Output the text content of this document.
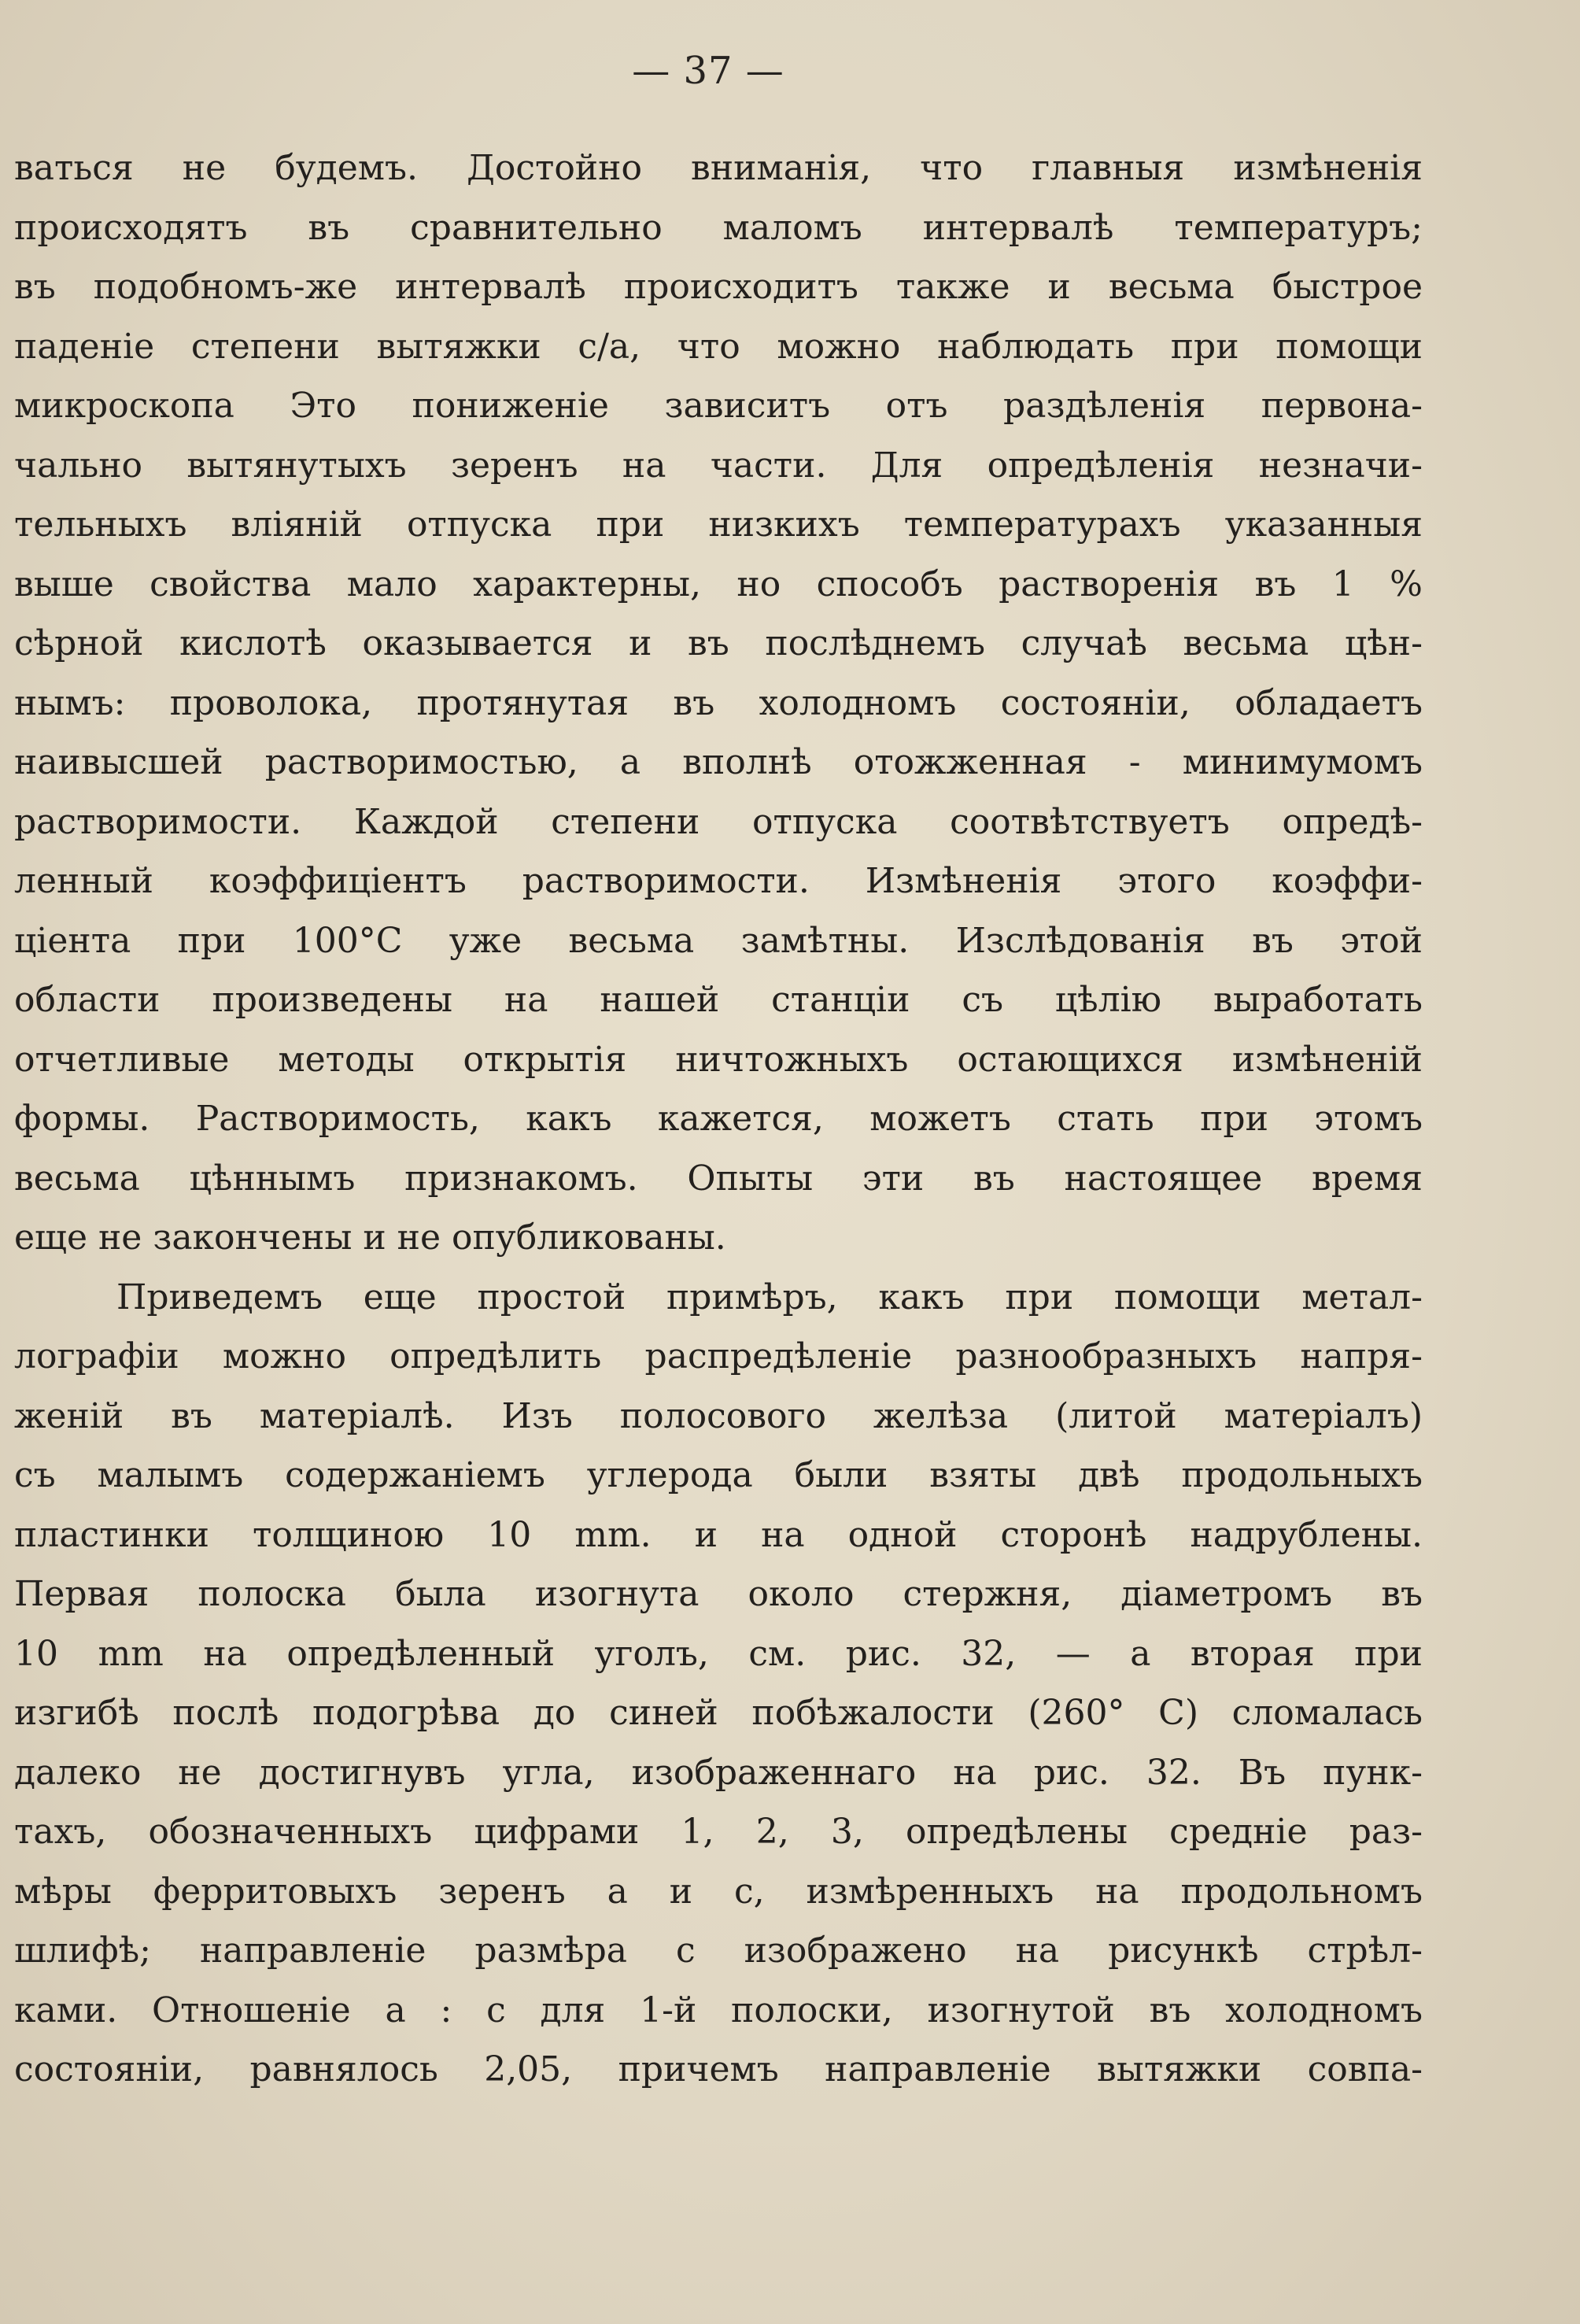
— 37 —
ваться не будемъ. Достойно вниманія, что главныя измѣненія
происходятъ въ сравнительно маломъ интервалѣ температуръ;
въ подобномъ-же интервалѣ происходитъ также и весьма быстрое
паденіе степени вытяжки c/a, что можно наблюдать при помощи
микроскопа Это пониженіе зависитъ отъ раздѣленія первона-
чально вытянутыхъ зеренъ на части. Для опредѣленія незначи-
тельныхъ вліяній отпуска при низкихъ температурахъ указанныя
выше свойства мало характерны, но способъ растворенія въ 1 %
сѣрной кислотѣ оказывается и въ послѣднемъ случаѣ весьма цѣн-
нымъ: проволока, протянутая въ холодномъ состояніи, обладаетъ
наивысшей растворимостью, а вполнѣ отожженная - минимумомъ
растворимости. Каждой степени отпуска соотвѣтствуетъ опредѣ-
ленный коэффиціентъ растворимости. Измѣненія этого коэффи-
ціента при 100°C уже весьма замѣтны. Изслѣдованія въ этой
области произведены на нашей станціи съ цѣлію выработать
отчетливые методы открытія ничтожныхъ остающихся измѣненій
формы. Растворимость, какъ кажется, можетъ стать при этомъ
весьма цѣннымъ признакомъ. Опыты эти въ настоящее время
еще не закончены и не опубликованы.
Приведемъ еще простой примѣръ, какъ при помощи метал-
лографіи можно опредѣлить распредѣленіе разнообразныхъ напря-
женій въ матеріалѣ. Изъ полосового желѣза (литой матеріалъ)
съ малымъ содержаніемъ углерода были взяты двѣ продольныхъ
пластинки толщиною 10 mm. и на одной сторонѣ надрублены.
Первая полоска была изогнута около стержня, діаметромъ въ
10 mm на опредѣленный уголъ, см. рис. 32, — а вторая при
изгибѣ послѣ подогрѣва до синей побѣжалости (260° C) сломалась
далеко не достигнувъ угла, изображеннаго на рис. 32. Въ пунк-
тахъ, обозначенныхъ цифрами 1, 2, 3, опредѣлены средніе раз-
мѣры ферритовыхъ зеренъ a и c, измѣренныхъ на продольномъ
шлифѣ; направленіе размѣра c изображено на рисункѣ стрѣл-
ками. Отношеніе a : c для 1-й полоски, изогнутой въ холодномъ
состояніи, равнялось 2,05, причемъ направленіе вытяжки совпа-
